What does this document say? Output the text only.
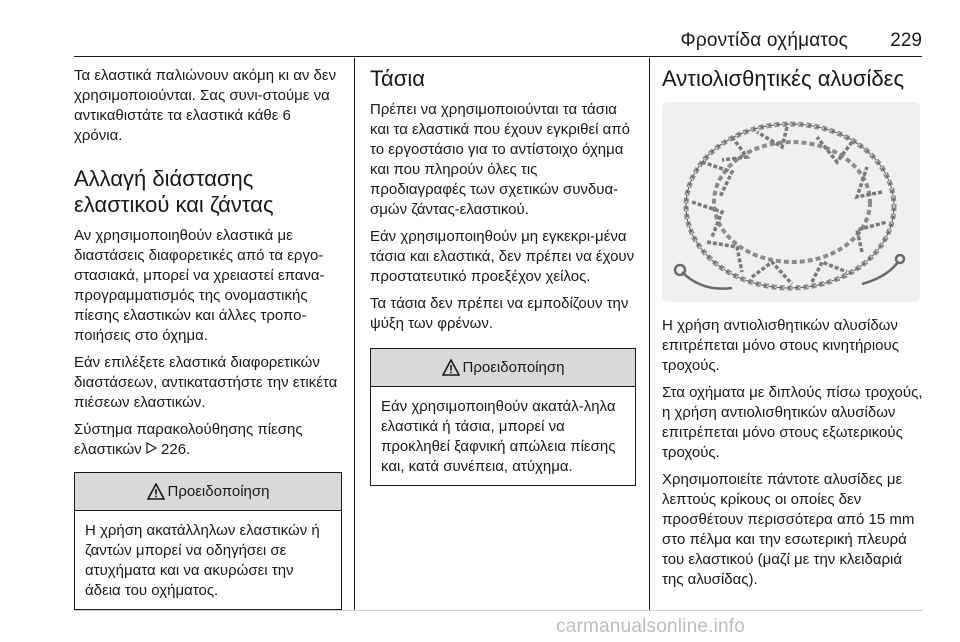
Φροντίδα οχήματος 229

Τα ελαστικά παλιώνουν ακόμη κι αν δεν χρησιμοποιούνται. Σας συνι-στούμε να αντικαθιστάτε τα ελαστικά κάθε 6 χρόνια.

Αλλαγή διάστασης
ελαστικού και ζάντας

Αν χρησιμοποιηθούν ελαστικά με διαστάσεις διαφορετικές από τα εργο-στασιακά, μπορεί να χρειαστεί επανα-προγραμματισμός της ονομαστικής πίεσης ελαστικών και άλλες τροπο-ποιήσεις στο όχημα.

Εάν επιλέξετε ελαστικά διαφορετικών διαστάσεων, αντικαταστήστε την ετικέτα πιέσεων ελαστικών.

Σύστημα παρακολούθησης πίεσης ελαστικών 226.

Προειδοποίηση
Η χρήση ακατάλληλων ελαστικών ή ζαντών μπορεί να οδηγήσει σε ατυχήματα και να ακυρώσει την άδεια του οχήματος.
Τάσια

Πρέπει να χρησιμοποιούνται τα τάσια και τα ελαστικά που έχουν εγκριθεί από το εργοστάσιο για το αντίστοιχο όχημα και που πληρούν όλες τις προδιαγραφές των σχετικών συνδυα-σμών ζάντας-ελαστικού.

Εάν χρησιμοποιηθούν μη εγκεκρι-μένα τάσια και ελαστικά, δεν πρέπει να έχουν προστατευτικό προεξέχον χείλος.

Τα τάσια δεν πρέπει να εμποδίζουν την ψύξη των φρένων.

Προειδοποίηση
Εάν χρησιμοποιηθούν ακατάλ-ληλα ελαστικά ή τάσια, μπορεί να προκληθεί ξαφνική απώλεια πίεσης και, κατά συνέπεια, ατύχημα.
Αντιολισθητικές αλυσίδες

Η χρήση αντιολισθητικών αλυσίδων επιτρέπεται μόνο στους κινητήριους τροχούς.

Στα οχήματα με διπλούς πίσω τροχούς, η χρήση αντιολισθητικών αλυσίδων επιτρέπεται μόνο στους εξωτερικούς τροχούς.

Χρησιμοποιείτε πάντοτε αλυσίδες με λεπτούς κρίκους οι οποίες δεν προσθέτουν περισσότερα από 15 mm στο πέλμα και την εσωτερική πλευρά του ελαστικού (μαζί με την κλειδαριά της αλυσίδας).

carmanualsonline.info
